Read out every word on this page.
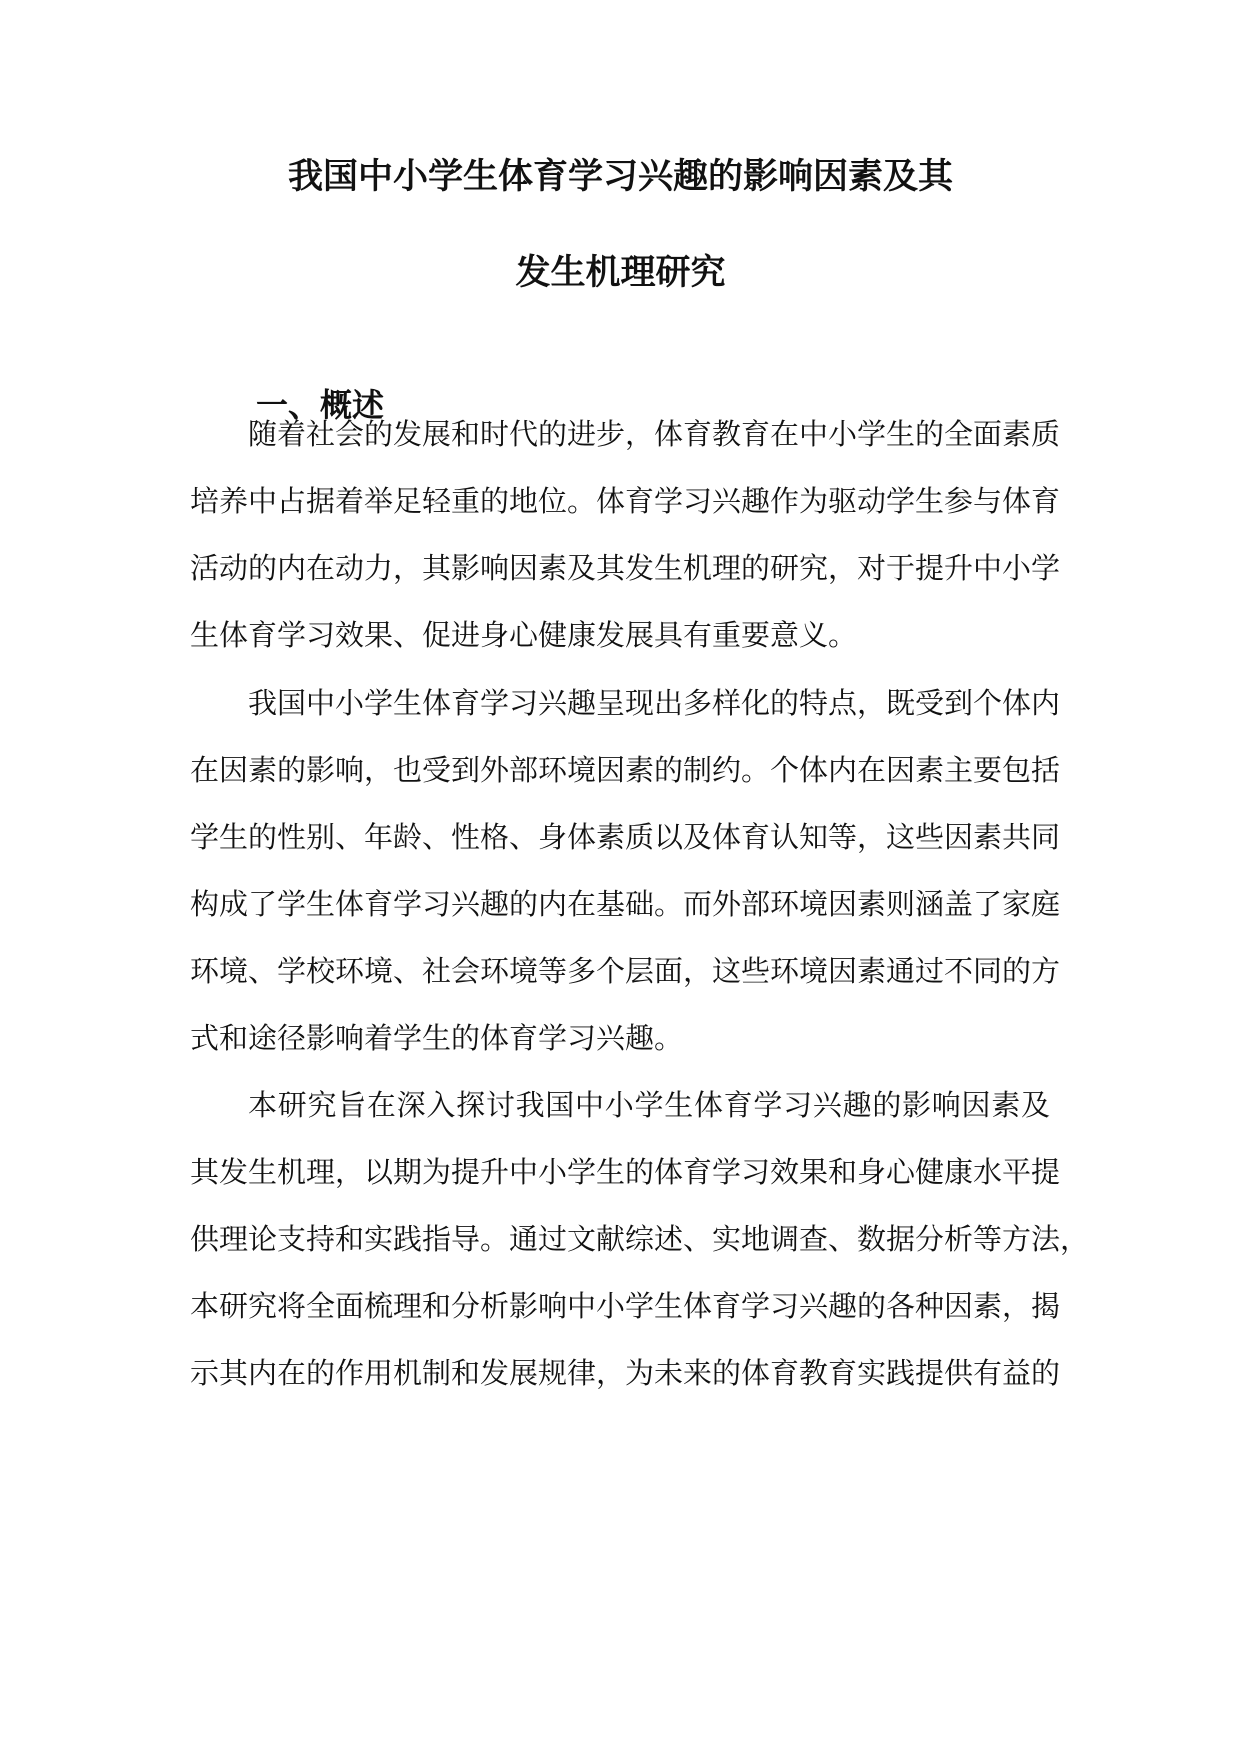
我国中小学生体育学习兴趣的影响因素及其
发生机理研究
一、概述
随着社会的发展和时代的进步，体育教育在中小学生的全面素质
培养中占据着举足轻重的地位。体育学习兴趣作为驱动学生参与体育
活动的内在动力，其影响因素及其发生机理的研究，对于提升中小学
生体育学习效果、促进身心健康发展具有重要意义。
我国中小学生体育学习兴趣呈现出多样化的特点，既受到个体内
在因素的影响，也受到外部环境因素的制约。个体内在因素主要包括
学生的性别、年龄、性格、身体素质以及体育认知等，这些因素共同
构成了学生体育学习兴趣的内在基础。而外部环境因素则涵盖了家庭
环境、学校环境、社会环境等多个层面，这些环境因素通过不同的方
式和途径影响着学生的体育学习兴趣。
本研究旨在深入探讨我国中小学生体育学习兴趣的影响因素及
其发生机理，以期为提升中小学生的体育学习效果和身心健康水平提
供理论支持和实践指导。通过文献综述、实地调查、数据分析等方法，
本研究将全面梳理和分析影响中小学生体育学习兴趣的各种因素，揭
示其内在的作用机制和发展规律，为未来的体育教育实践提供有益的
